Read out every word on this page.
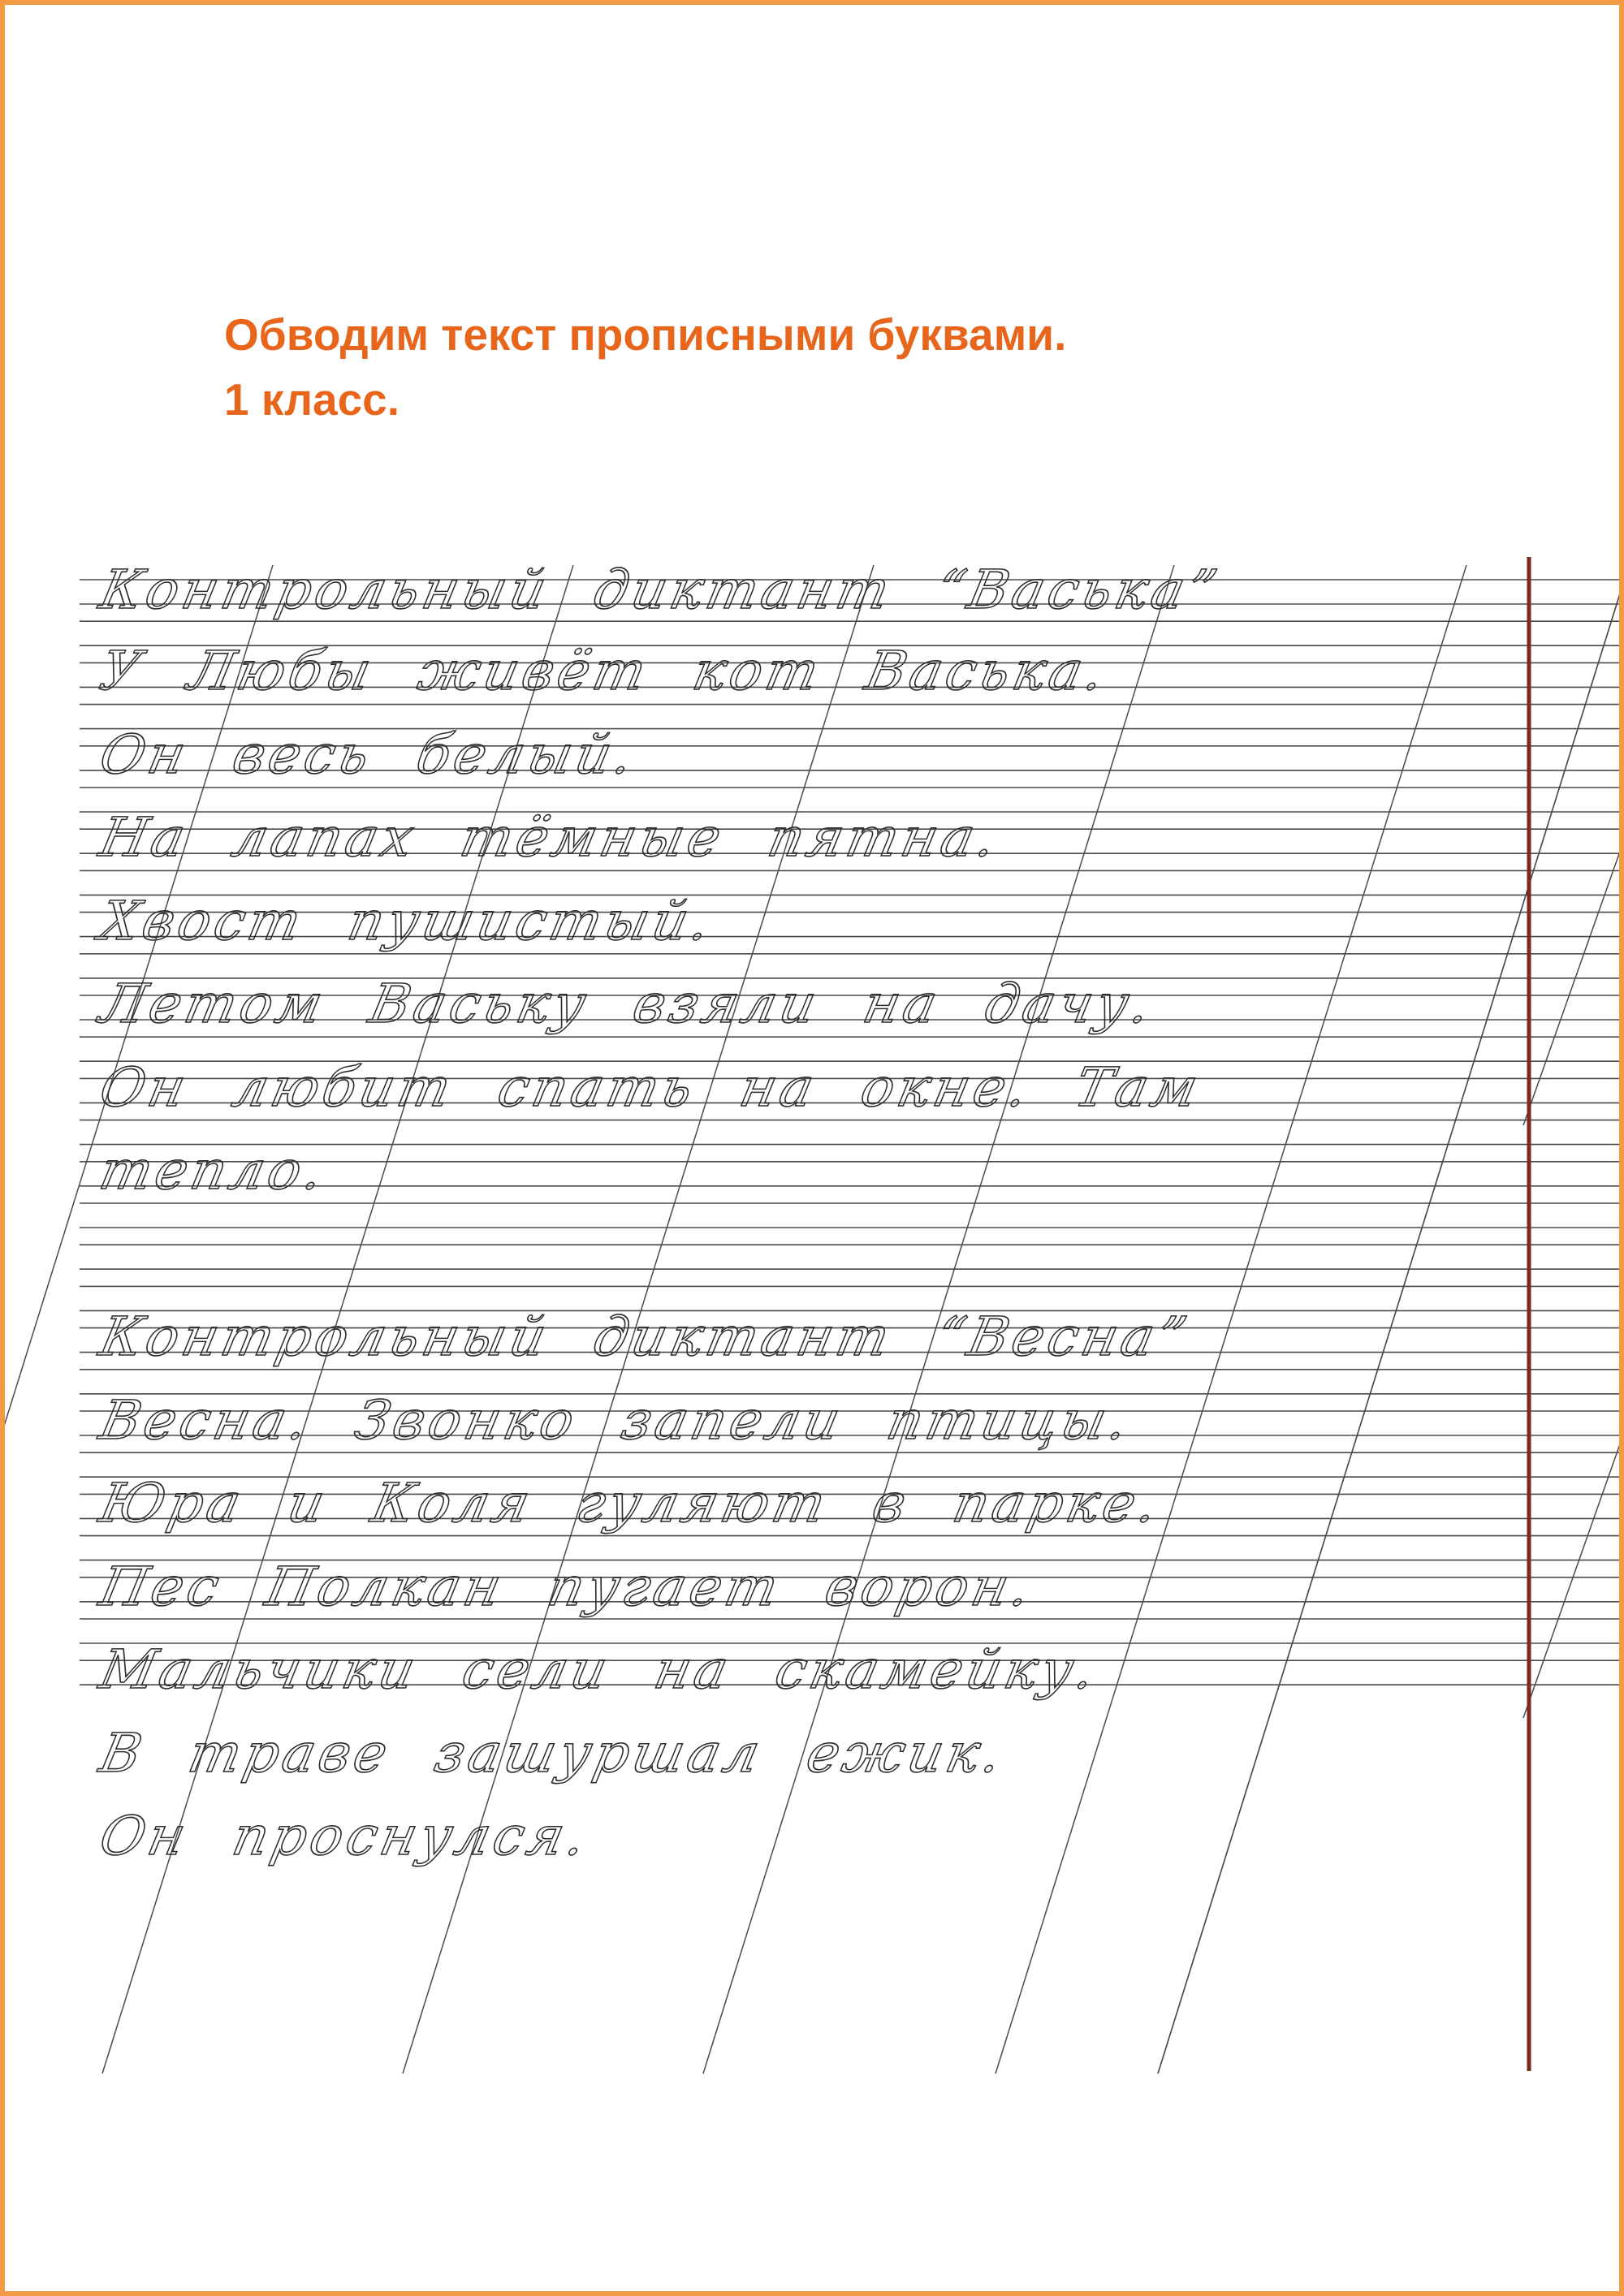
Обводим текст прописными буквами.
1 класс.

Контрольный диктант “Васька”

У Любы живёт кот Васька.

Он весь белый.

На лапах тёмные пятна.

Хвост пушистый.

Летом Ваську взяли на дачу.

Он любит спать на окне. Там

тепло.

Контрольный диктант “Весна”

Весна. Звонко запели птицы.

Юра и Коля гуляют в парке.

Пес Полкан пугает ворон.

Мальчики сели на скамейку.

В траве зашуршал ежик.

Он проснулся.
